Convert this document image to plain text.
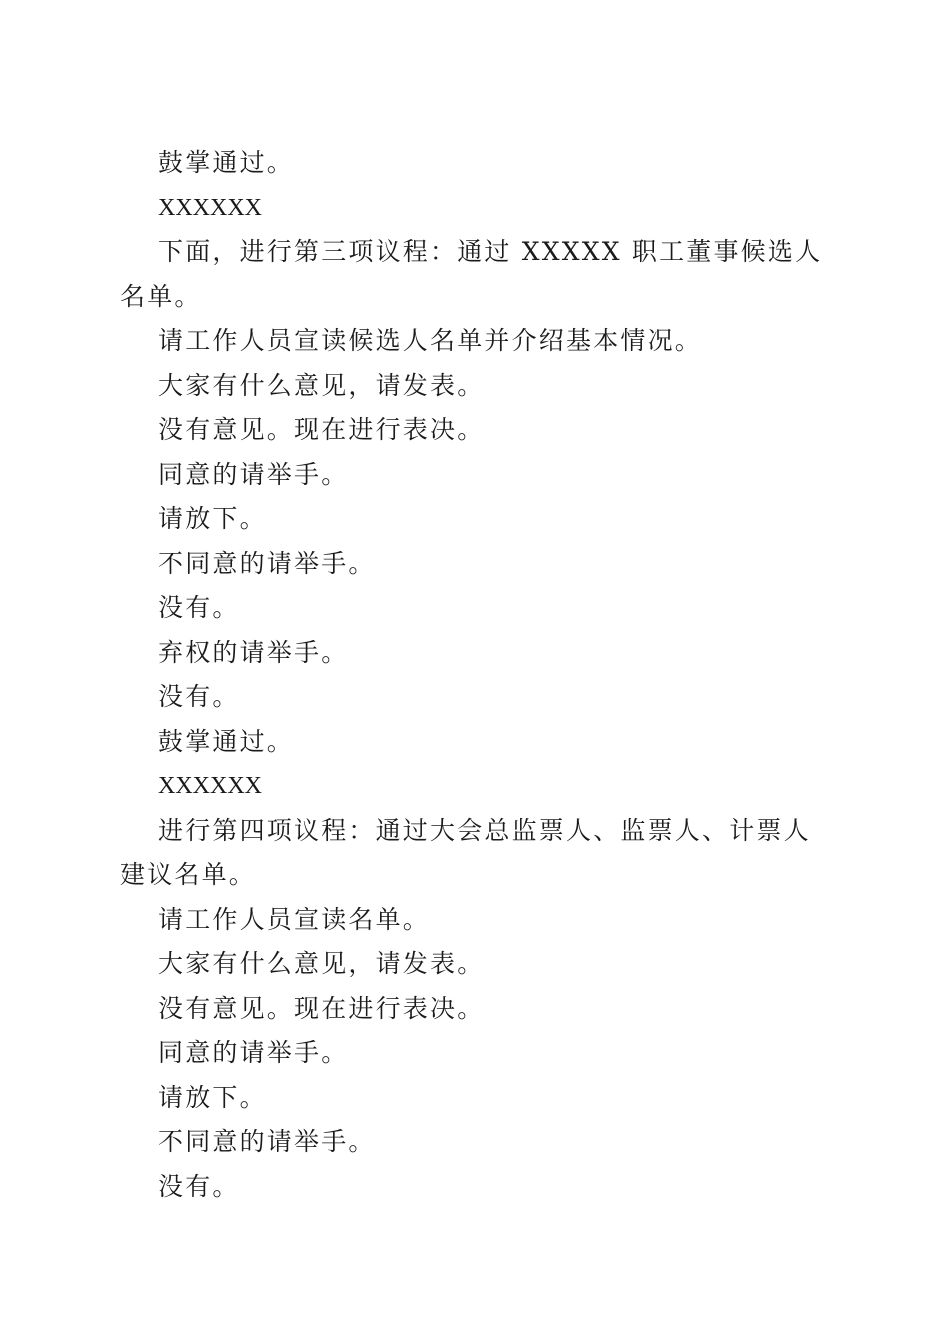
鼓掌通过。

XXXXXX

下面，进行第三项议程：通过 XXXXX 职工董事候选人名单。

请工作人员宣读候选人名单并介绍基本情况。

大家有什么意见，请发表。

没有意见。现在进行表决。

同意的请举手。

请放下。

不同意的请举手。

没有。

弃权的请举手。

没有。

鼓掌通过。

XXXXXX

进行第四项议程：通过大会总监票人、监票人、计票人建议名单。

请工作人员宣读名单。

大家有什么意见，请发表。

没有意见。现在进行表决。

同意的请举手。

请放下。

不同意的请举手。

没有。
